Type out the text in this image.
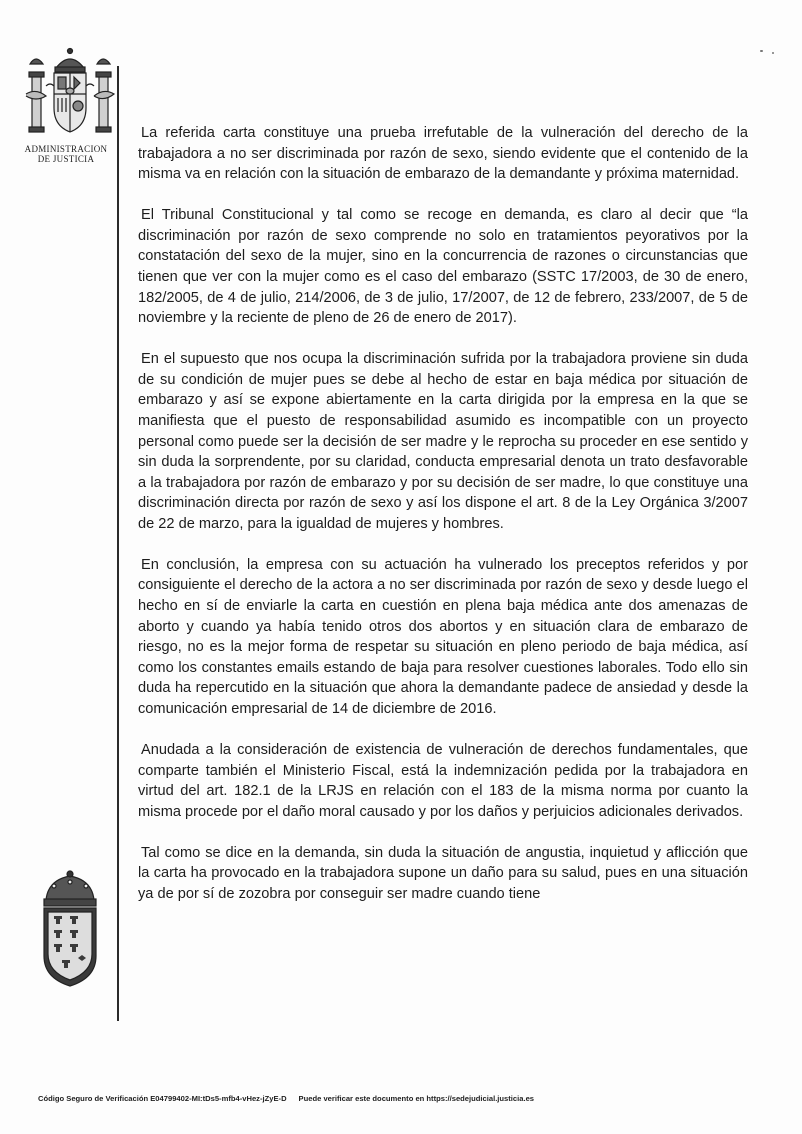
ADMINISTRACION
DE JUSTICIA

La referida carta constituye una prueba irrefutable de la vulneración del derecho de la trabajadora a no ser discriminada por razón de sexo, siendo evidente que el contenido de la misma va en relación con la situación de embarazo de la demandante y próxima maternidad.

El Tribunal Constitucional y tal como se recoge en demanda, es claro al decir que “la discriminación por razón de sexo comprende no solo en tratamientos peyorativos por la constatación del sexo de la mujer, sino en la concurrencia de razones o circunstancias que tienen que ver con la mujer como es el caso del embarazo (SSTC 17/2003, de 30 de enero, 182/2005, de 4 de julio, 214/2006, de 3 de julio, 17/2007, de 12 de febrero, 233/2007, de 5 de noviembre y la reciente de pleno de 26 de enero de 2017).

En el supuesto que nos ocupa la discriminación sufrida por la trabajadora proviene sin duda de su condición de mujer pues se debe al hecho de estar en baja médica por situación de embarazo y así se expone abiertamente en la carta dirigida por la empresa en la que se manifiesta que el puesto de responsabilidad asumido es incompatible con un proyecto personal como puede ser la decisión de ser madre y le reprocha su proceder en ese sentido y sin duda la sorprendente, por su claridad, conducta empresarial denota un trato desfavorable a la trabajadora por razón de embarazo y por su decisión de ser madre, lo que constituye una discriminación directa por razón de sexo y así los dispone el art. 8 de la Ley Orgánica 3/2007 de 22 de marzo, para la igualdad de mujeres y hombres.

En conclusión, la empresa con su actuación ha vulnerado los preceptos referidos y por consiguiente el derecho de la actora a no ser discriminada por razón de sexo y desde luego el hecho en sí de enviarle la carta en cuestión en plena baja médica ante dos amenazas de aborto y cuando ya había tenido otros dos abortos y en situación clara de embarazo de riesgo, no es la mejor forma de respetar su situación en pleno periodo de baja médica, así como los constantes emails estando de baja para resolver cuestiones laborales. Todo ello sin duda ha repercutido en la situación que ahora la demandante padece de ansiedad y desde la comunicación empresarial de 14 de diciembre de 2016.

Anudada a la consideración de existencia de vulneración de derechos fundamentales, que comparte también el Ministerio Fiscal, está la indemnización pedida por la trabajadora en virtud del art. 182.1 de la LRJS en relación con el 183 de la misma norma por cuanto la misma procede por el daño moral causado y por los daños y perjuicios adicionales derivados.

Tal como se dice en la demanda, sin duda la situación de angustia, inquietud y aflicción que la carta ha provocado en la trabajadora supone un daño para su salud, pues en una situación ya de por sí de zozobra por conseguir ser madre cuando tiene

Código Seguro de Verificación E04799402-MI:tDs5-mfb4-vHez-jZyE-D Puede verificar este documento en https://sedejudicial.justicia.es
